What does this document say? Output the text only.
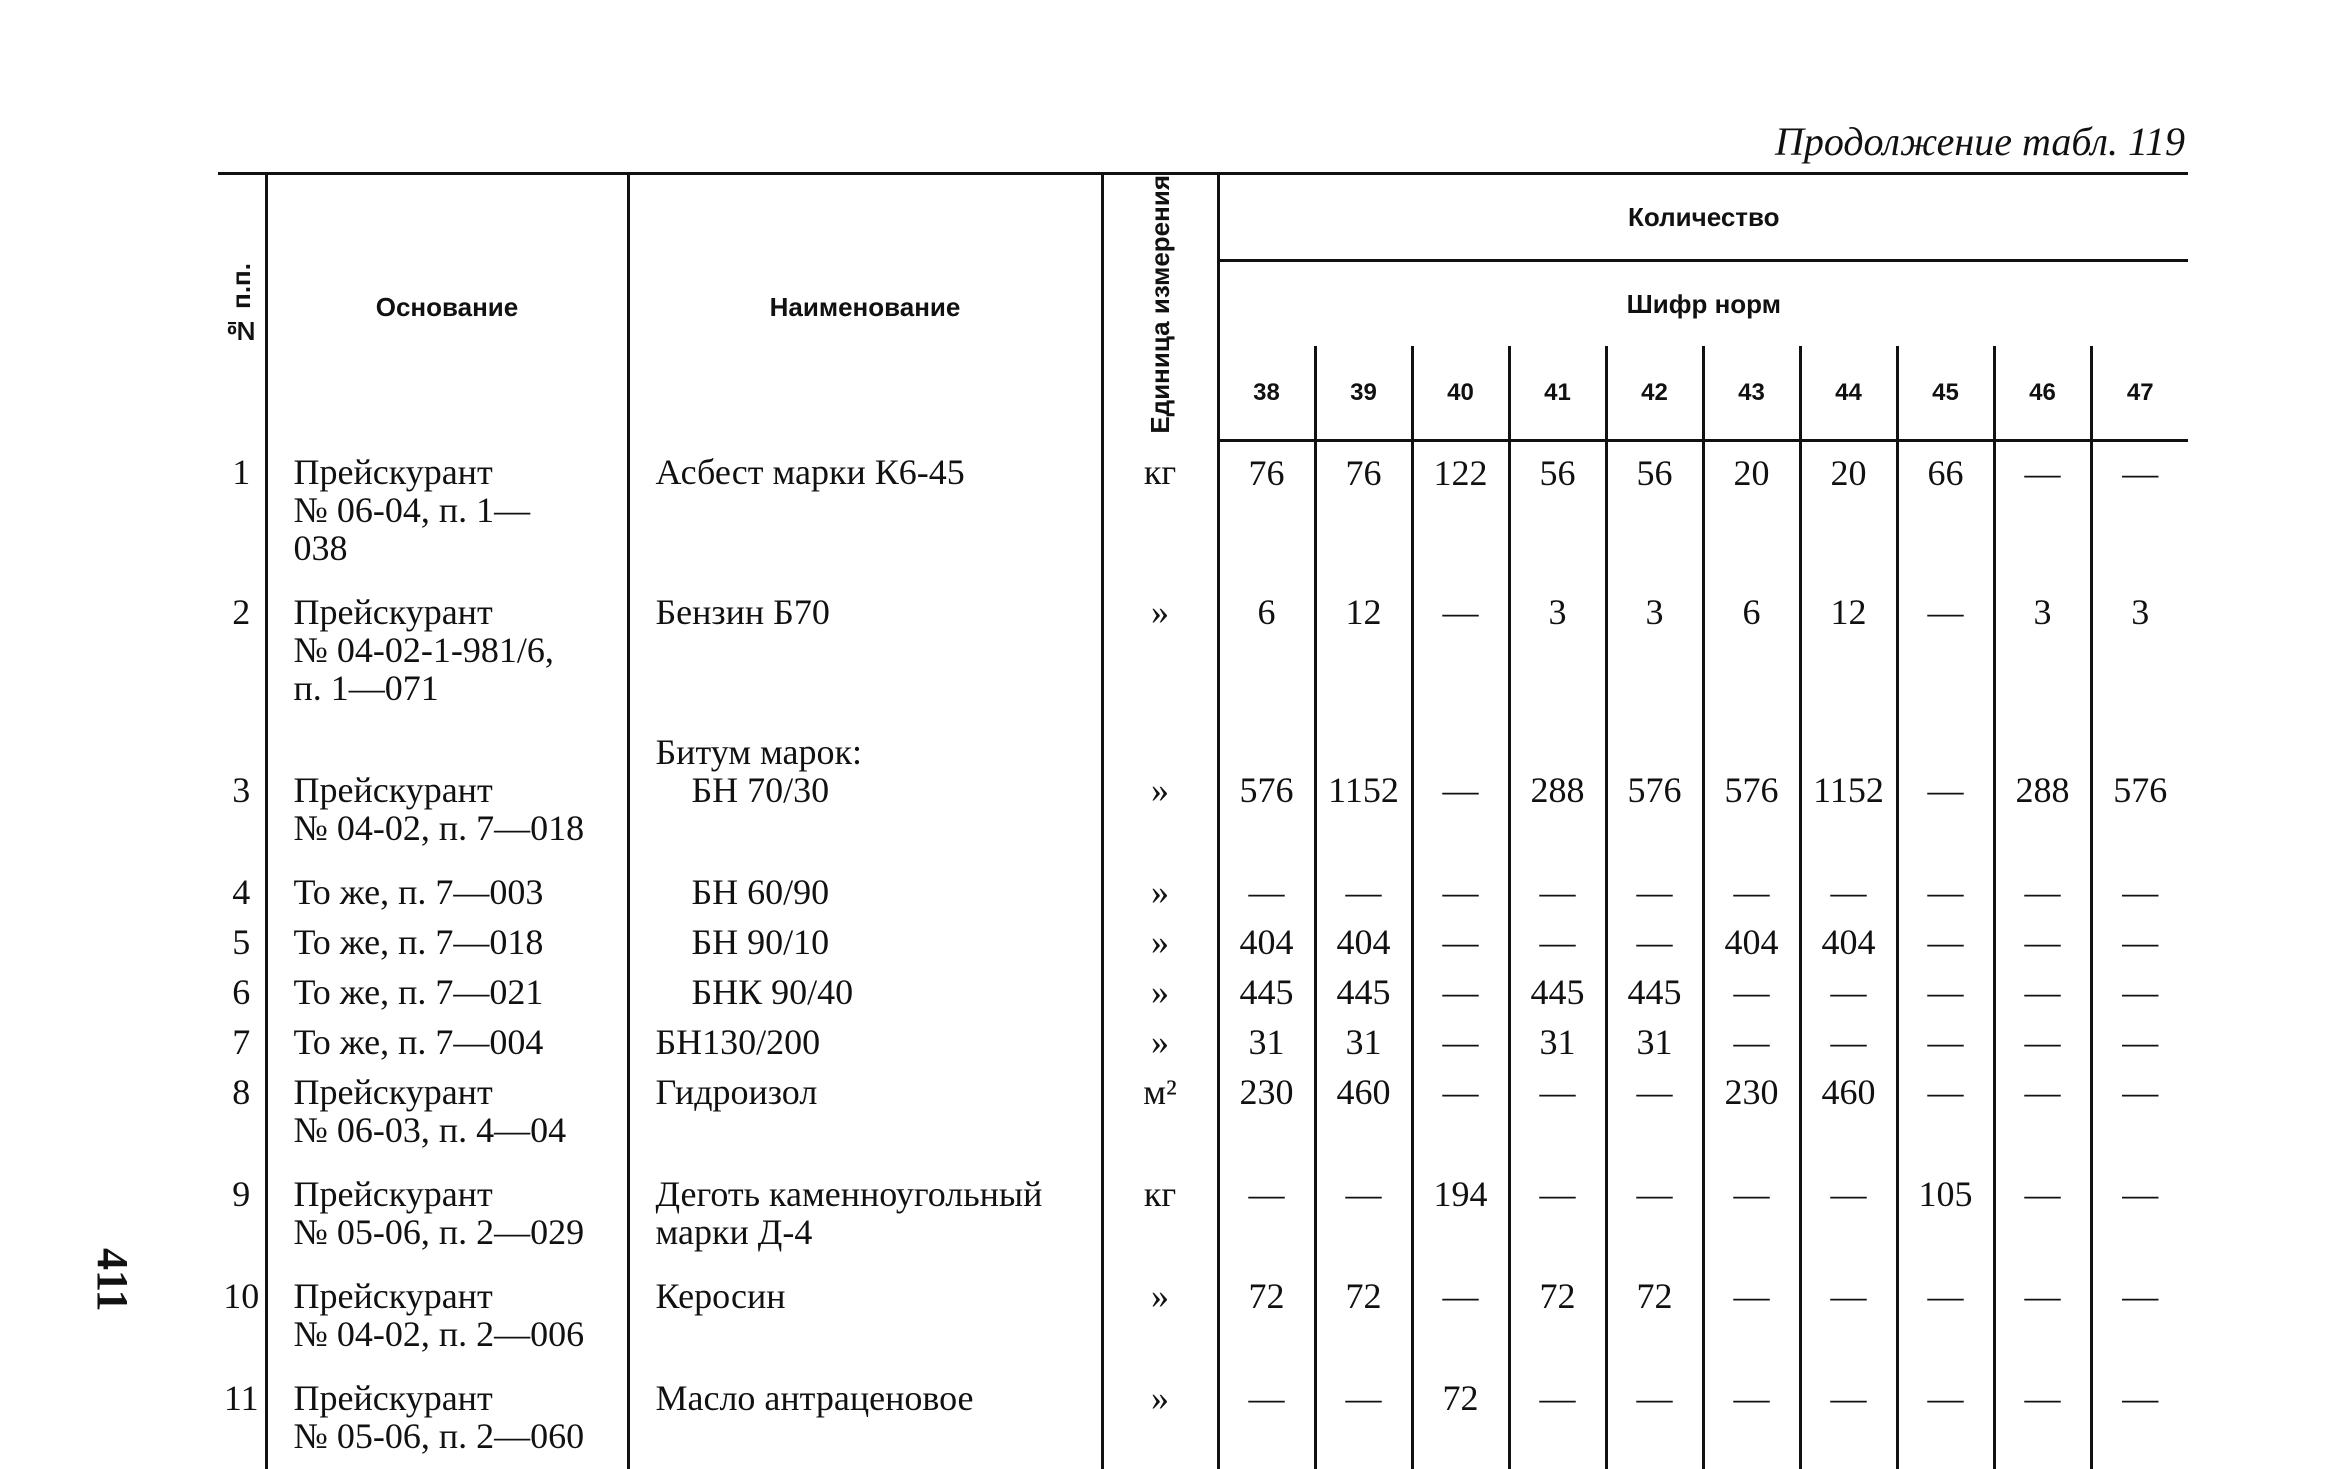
Продолжение табл. 119
411
№ п.п.	Основание	Наименование	Единица измерения	Количество									
				Шифр норм									
				38	39	40	41	42	43	44	45	46	47
1	Прейскурант
№ 06-04, п. 1—
038	Асбест марки К6-45	кг	76	76	122	56	56	20	20	66	—	—
2	Прейскурант
№ 04-02-1-981/6,
п. 1—071	Бензин Б70	»	6	12	—	3	3	6	12	—	3	3
3	Прейскурант
№ 04-02, п. 7—018	Битум марок:
БН 70/30	»	576	1152	—	288	576	576	1152	—	288	576
4	То же, п. 7—003	БН 60/90	»	—	—	—	—	—	—	—	—	—	—
5	То же, п. 7—018	БН 90/10	»	404	404	—	—	—	404	404	—	—	—
6	То же, п. 7—021	БНК 90/40	»	445	445	—	445	445	—	—	—	—	—
7	То же, п. 7—004	БН130/200	»	31	31	—	31	31	—	—	—	—	—
8	Прейскурант
№ 06-03, п. 4—04	Гидроизол	м²	230	460	—	—	—	230	460	—	—	—
9	Прейскурант
№ 05-06, п. 2—029	Деготь каменноугольный марки Д-4	кг	—	—	194	—	—	—	—	105	—	—
10	Прейскурант
№ 04-02, п. 2—006	Керосин	»	72	72	—	72	72	—	—	—	—	—
11	Прейскурант
№ 05-06, п. 2—060	Масло антраценовое	»	—	—	72	—	—	—	—	—	—	—
